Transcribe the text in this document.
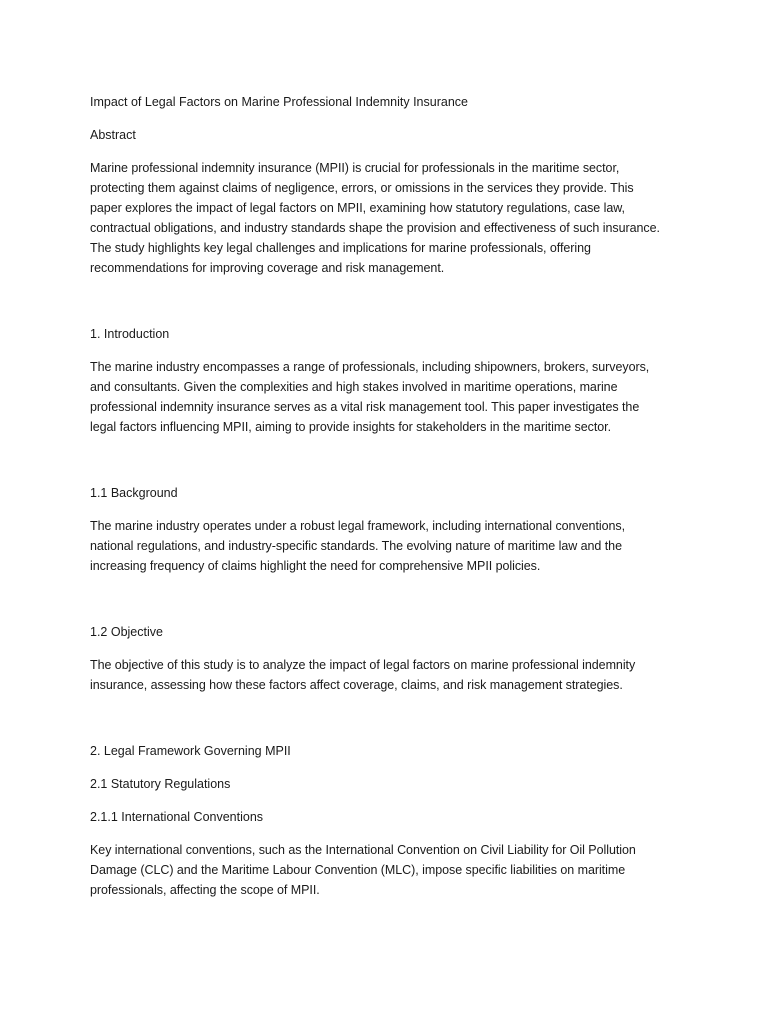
Impact of Legal Factors on Marine Professional Indemnity Insurance

Abstract

Marine professional indemnity insurance (MPII) is crucial for professionals in the maritime sector,

protecting them against claims of negligence, errors, or omissions in the services they provide. This

paper explores the impact of legal factors on MPII, examining how statutory regulations, case law,

contractual obligations, and industry standards shape the provision and effectiveness of such insurance.

The study highlights key legal challenges and implications for marine professionals, offering

recommendations for improving coverage and risk management.

1. Introduction

The marine industry encompasses a range of professionals, including shipowners, brokers, surveyors,

and consultants. Given the complexities and high stakes involved in maritime operations, marine

professional indemnity insurance serves as a vital risk management tool. This paper investigates the

legal factors influencing MPII, aiming to provide insights for stakeholders in the maritime sector.

1.1 Background

The marine industry operates under a robust legal framework, including international conventions,

national regulations, and industry-specific standards. The evolving nature of maritime law and the

increasing frequency of claims highlight the need for comprehensive MPII policies.

1.2 Objective

The objective of this study is to analyze the impact of legal factors on marine professional indemnity

insurance, assessing how these factors affect coverage, claims, and risk management strategies.

2. Legal Framework Governing MPII

2.1 Statutory Regulations

2.1.1 International Conventions

Key international conventions, such as the International Convention on Civil Liability for Oil Pollution

Damage (CLC) and the Maritime Labour Convention (MLC), impose specific liabilities on maritime

professionals, affecting the scope of MPII.
